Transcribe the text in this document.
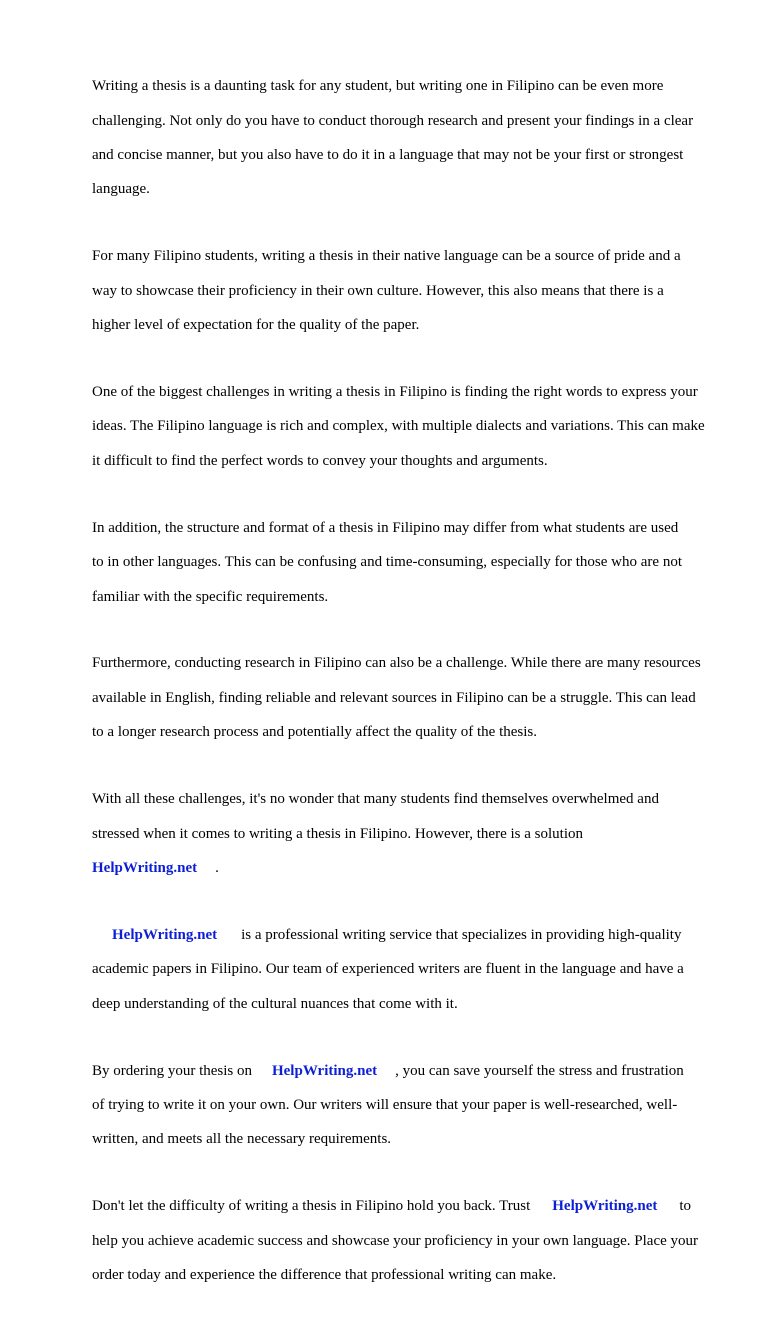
Writing a thesis is a daunting task for any student, but writing one in Filipino can be even more

challenging. Not only do you have to conduct thorough research and present your findings in a clear

and concise manner, but you also have to do it in a language that may not be your first or strongest

language.

For many Filipino students, writing a thesis in their native language can be a source of pride and a

way to showcase their proficiency in their own culture. However, this also means that there is a

higher level of expectation for the quality of the paper.

One of the biggest challenges in writing a thesis in Filipino is finding the right words to express your

ideas. The Filipino language is rich and complex, with multiple dialects and variations. This can make

it difficult to find the perfect words to convey your thoughts and arguments.

In addition, the structure and format of a thesis in Filipino may differ from what students are used

to in other languages. This can be confusing and time-consuming, especially for those who are not

familiar with the specific requirements.

Furthermore, conducting research in Filipino can also be a challenge. While there are many resources

available in English, finding reliable and relevant sources in Filipino can be a struggle. This can lead

to a longer research process and potentially affect the quality of the thesis.

With all these challenges, it's no wonder that many students find themselves overwhelmed and

stressed when it comes to writing a thesis in Filipino. However, there is a solution

HelpWriting.net .

HelpWriting.net is a professional writing service that specializes in providing high-quality

academic papers in Filipino. Our team of experienced writers are fluent in the language and have a

deep understanding of the cultural nuances that come with it.

By ordering your thesis on HelpWriting.net , you can save yourself the stress and frustration

of trying to write it on your own. Our writers will ensure that your paper is well-researched, well-

written, and meets all the necessary requirements.

Don't let the difficulty of writing a thesis in Filipino hold you back. Trust HelpWriting.net to

help you achieve academic success and showcase your proficiency in your own language. Place your

order today and experience the difference that professional writing can make.
